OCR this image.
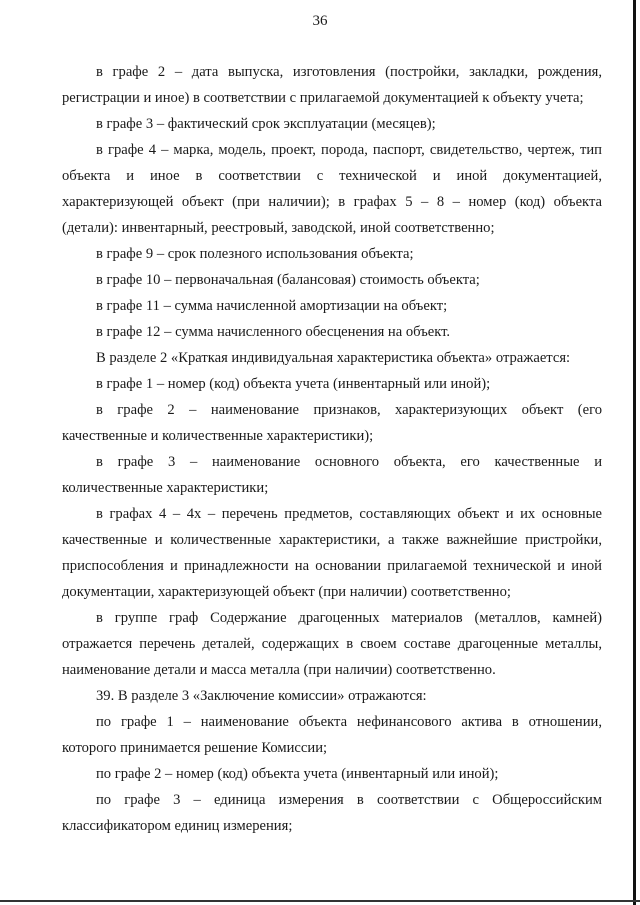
36

в графе 2 – дата выпуска, изготовления (постройки, закладки, рождения, регистрации и иное) в соответствии с прилагаемой документацией к объекту учета;

в графе 3 – фактический срок эксплуатации (месяцев);

в графе 4 – марка, модель, проект, порода, паспорт, свидетельство, чертеж, тип объекта и иное в соответствии с технической и иной документацией, характеризующей объект (при наличии); в графах 5 – 8 – номер (код) объекта (детали): инвентарный, реестровый, заводской, иной соответственно;

в графе 9 – срок полезного использования объекта;

в графе 10 – первоначальная (балансовая) стоимость объекта;

в графе 11 – сумма начисленной амортизации на объект;

в графе 12 – сумма начисленного обесценения на объект.

В разделе 2 «Краткая индивидуальная характеристика объекта» отражается:

в графе 1 – номер (код) объекта учета (инвентарный или иной);

в графе 2 – наименование признаков, характеризующих объект (его качественные и количественные характеристики);

в графе 3 – наименование основного объекта, его качественные и количественные характеристики;

в графах 4 – 4х – перечень предметов, составляющих объект и их основные качественные и количественные характеристики, а также важнейшие пристройки, приспособления и принадлежности на основании прилагаемой технической и иной документации, характеризующей объект (при наличии) соответственно;

в группе граф Содержание драгоценных материалов (металлов, камней) отражается перечень деталей, содержащих в своем составе драгоценные металлы, наименование детали и масса металла (при наличии) соответственно.

39. В разделе 3 «Заключение комиссии» отражаются:

по графе 1 – наименование объекта нефинансового актива в отношении, которого принимается решение Комиссии;

по графе 2 – номер (код) объекта учета (инвентарный или иной);

по графе 3 – единица измерения в соответствии с Общероссийским классификатором единиц измерения;
